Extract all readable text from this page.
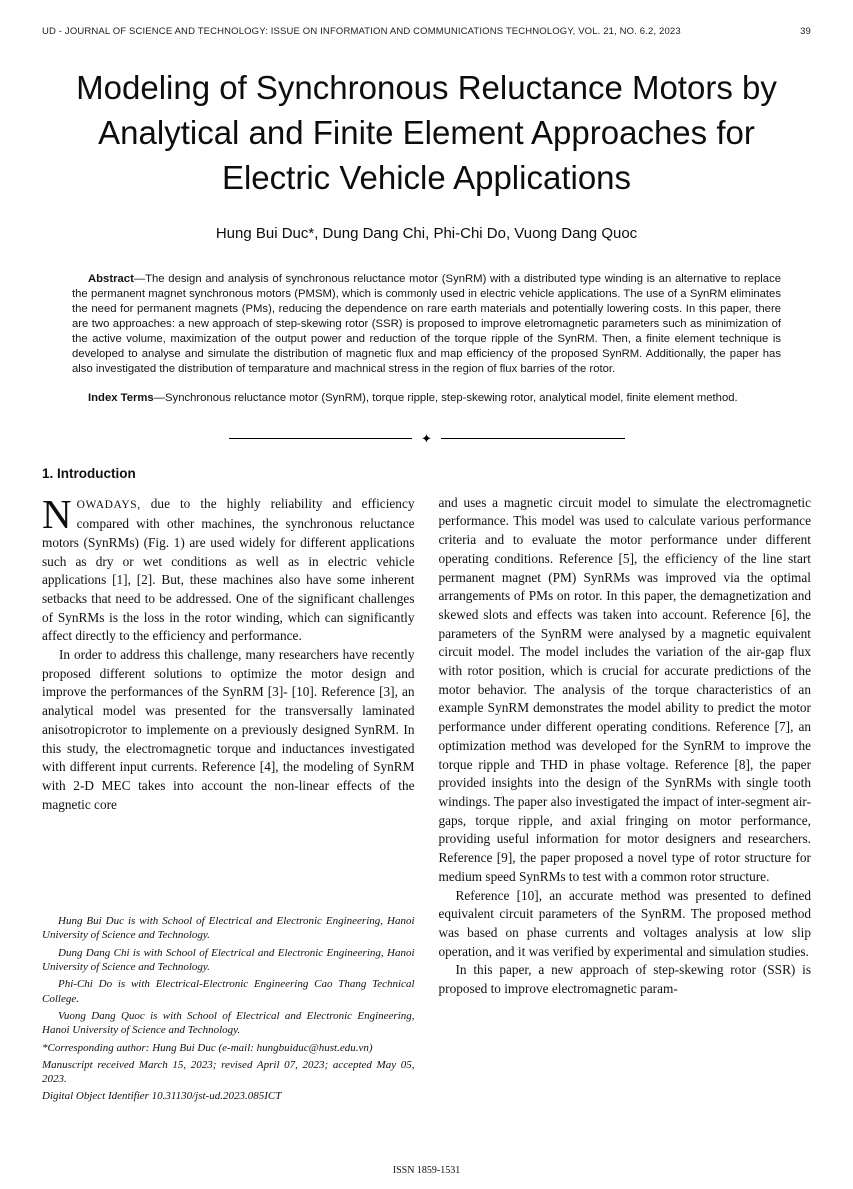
UD - JOURNAL OF SCIENCE AND TECHNOLOGY: ISSUE ON INFORMATION AND COMMUNICATIONS TECHNOLOGY, VOL. 21, NO. 6.2, 2023	39
Modeling of Synchronous Reluctance Motors by Analytical and Finite Element Approaches for Electric Vehicle Applications
Hung Bui Duc*, Dung Dang Chi, Phi-Chi Do, Vuong Dang Quoc

Abstract—The design and analysis of synchronous reluctance motor (SynRM) with a distributed type winding is an alternative to replace the permanent magnet synchronous motors (PMSM), which is commonly used in electric vehicle applications. The use of a SynRM eliminates the need for permanent magnets (PMs), reducing the dependence on rare earth materials and potentially lowering costs. In this paper, there are two approaches: a new approach of step-skewing rotor (SSR) is proposed to improve eletromagnetic parameters such as minimization of the active volume, maximization of the output power and reduction of the torque ripple of the SynRM. Then, a finite element technique is developed to analyse and simulate the distribution of magnetic flux and map efficiency of the proposed SynRM. Additionally, the paper has also investigated the distribution of temparature and machnical stress in the region of flux barries of the rotor.

Index Terms—Synchronous reluctance motor (SynRM), torque ripple, step-skewing rotor, analytical model, finite element method.

✦
1. Introduction

NOWADAYS, due to the highly reliability and efficiency compared with other machines, the synchronous reluctance motors (SynRMs) (Fig. 1) are used widely for different applications such as dry or wet conditions as well as in electric vehicle applications [1], [2]. But, these machines also have some inherent setbacks that need to be addressed. One of the significant challenges of SynRMs is the loss in the rotor winding, which can significantly affect directly to the efficiency and performance.

In order to address this challenge, many researchers have recently proposed different solutions to optimize the motor design and improve the performances of the SynRM [3]- [10]. Reference [3], an analytical model was presented for the transversally laminated anisotropicrotor to implemente on a previously designed SynRM. In this study, the electromagnetic torque and inductances investigated with different input currents. Reference [4], the modeling of SynRM with 2-D MEC takes into account the non-linear effects of the magnetic core

Hung Bui Duc is with School of Electrical and Electronic Engineering, Hanoi University of Science and Technology.

Dung Dang Chi is with School of Electrical and Electronic Engineering, Hanoi University of Science and Technology.

Phi-Chi Do is with Electrical-Electronic Engineering Cao Thang Technical College.

Vuong Dang Quoc is with School of Electrical and Electronic Engineering, Hanoi University of Science and Technology.

*Corresponding author: Hung Bui Duc (e-mail: hungbuiduc@hust.edu.vn)

Manuscript received March 15, 2023; revised April 07, 2023; accepted May 05, 2023.

Digital Object Identifier 10.31130/jst-ud.2023.085ICT

and uses a magnetic circuit model to simulate the electromagnetic performance. This model was used to calculate various performance criteria and to evaluate the motor performance under different operating conditions. Reference [5], the efficiency of the line start permanent magnet (PM) SynRMs was improved via the optimal arrangements of PMs on rotor. In this paper, the demagnetization and skewed slots and effects was taken into account. Reference [6], the parameters of the SynRM were analysed by a magnetic equivalent circuit model. The model includes the variation of the air-gap flux with rotor position, which is crucial for accurate predictions of the motor behavior. The analysis of the torque characteristics of an example SynRM demonstrates the model ability to predict the motor performance under different operating conditions. Reference [7], an optimization method was developed for the SynRM to improve the torque ripple and THD in phase voltage. Reference [8], the paper provided insights into the design of the SynRMs with single tooth windings. The paper also investigated the impact of inter-segment air-gaps, torque ripple, and axial fringing on motor performance, providing useful information for motor designers and researchers. Reference [9], the paper proposed a novel type of rotor structure for medium speed SynRMs to test with a common rotor structure.

Reference [10], an accurate method was presented to defined equivalent circuit parameters of the SynRM. The proposed method was based on phase currents and voltages analysis at low slip operation, and it was verified by experimental and simulation studies.

In this paper, a new approach of step-skewing rotor (SSR) is proposed to improve electromagnetic param-

ISSN 1859-1531
